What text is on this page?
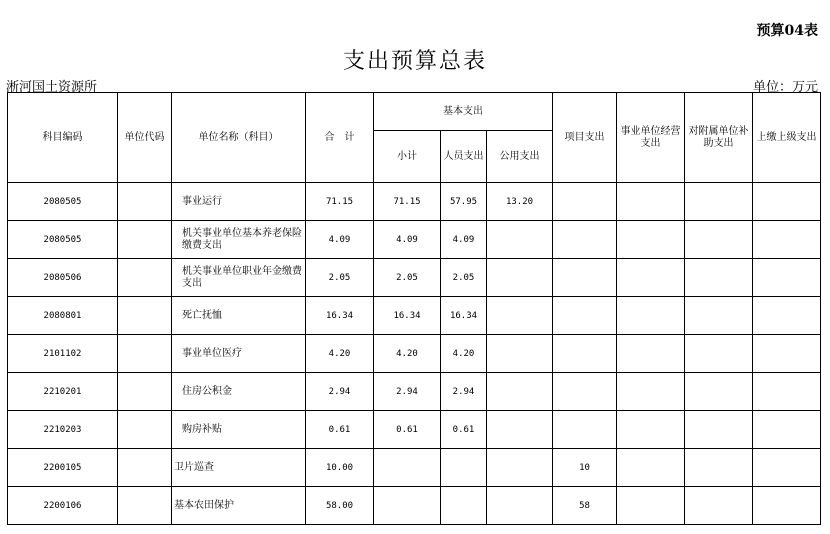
预算04表
支出预算总表
淅河国土资源所	单位：万元
科目编码	单位代码	单位名称（科目）	合　计	基本支出			项目支出	事业单位经营支出	对附属单位补助支出	上缴上级支出
				小计	人员支出	公用支出				
2080505		事业运行	71.15	71.15	57.95	13.20				
2080505		机关事业单位基本养老保险缴费支出	4.09	4.09	4.09					
2080506		机关事业单位职业年金缴费支出	2.05	2.05	2.05					
2080801		死亡抚恤	16.34	16.34	16.34					
2101102		事业单位医疗	4.20	4.20	4.20					
2210201		住房公积金	2.94	2.94	2.94					
2210203		购房补贴	0.61	0.61	0.61					
2200105		卫片巡查	10.00				10			
2200106		基本农田保护	58.00				58			
